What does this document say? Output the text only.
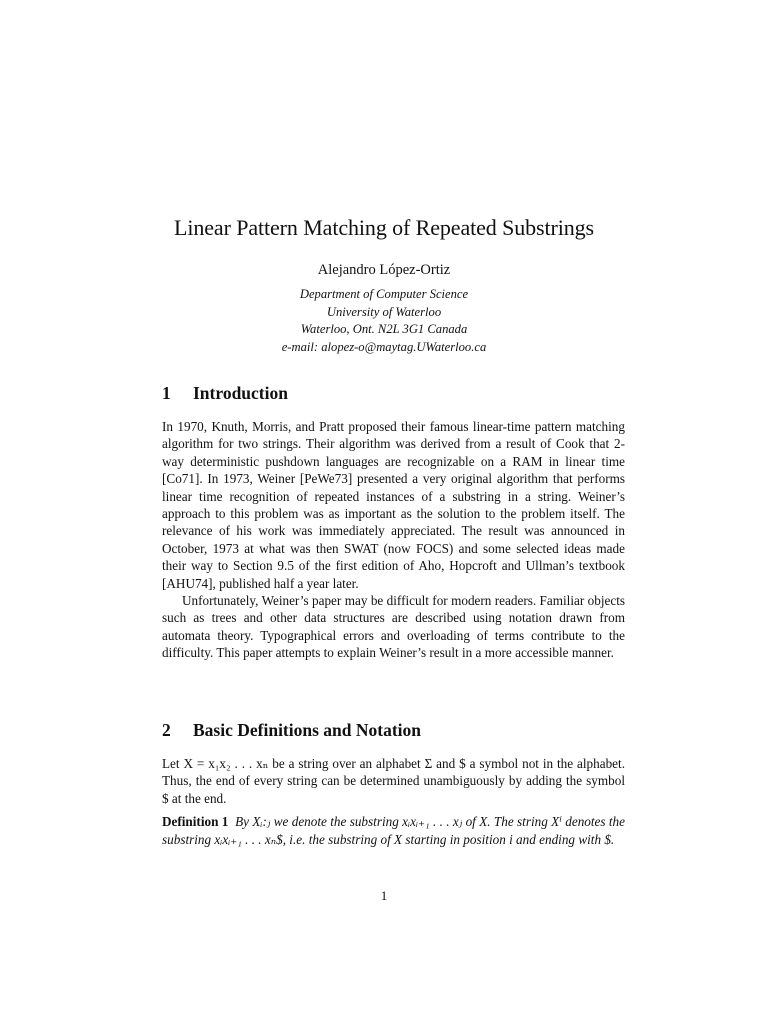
Linear Pattern Matching of Repeated Substrings
Alejandro López-Ortiz
Department of Computer Science
University of Waterloo
Waterloo, Ont. N2L 3G1 Canada
e-mail: alopez-o@maytag.UWaterloo.ca
1 Introduction

In 1970, Knuth, Morris, and Pratt proposed their famous linear-time pattern matching algorithm for two strings. Their algorithm was derived from a result of Cook that 2-way deterministic pushdown languages are recognizable on a RAM in linear time [Co71]. In 1973, Weiner [PeWe73] presented a very original algorithm that performs linear time recognition of repeated instances of a substring in a string. Weiner’s approach to this problem was as important as the solution to the problem itself. The relevance of his work was immediately appreciated. The result was announced in October, 1973 at what was then SWAT (now FOCS) and some selected ideas made their way to Section 9.5 of the first edition of Aho, Hopcroft and Ullman’s textbook [AHU74], published half a year later.

Unfortunately, Weiner’s paper may be difficult for modern readers. Familiar objects such as trees and other data structures are described using notation drawn from automata theory. Typographical errors and overloading of terms contribute to the difficulty. This paper attempts to explain Weiner’s result in a more accessible manner.

2 Basic Definitions and Notation

Let X = x₁x₂ . . . xₙ be a string over an alphabet Σ and $ a symbol not in the alphabet. Thus, the end of every string can be determined unambiguously by adding the symbol $ at the end.

Definition 1 By Xᵢ:ⱼ we denote the substring xᵢxᵢ₊₁ . . . xⱼ of X. The string Xⁱ denotes the substring xᵢxᵢ₊₁ . . . xₙ$, i.e. the substring of X starting in position i and ending with $.

1
